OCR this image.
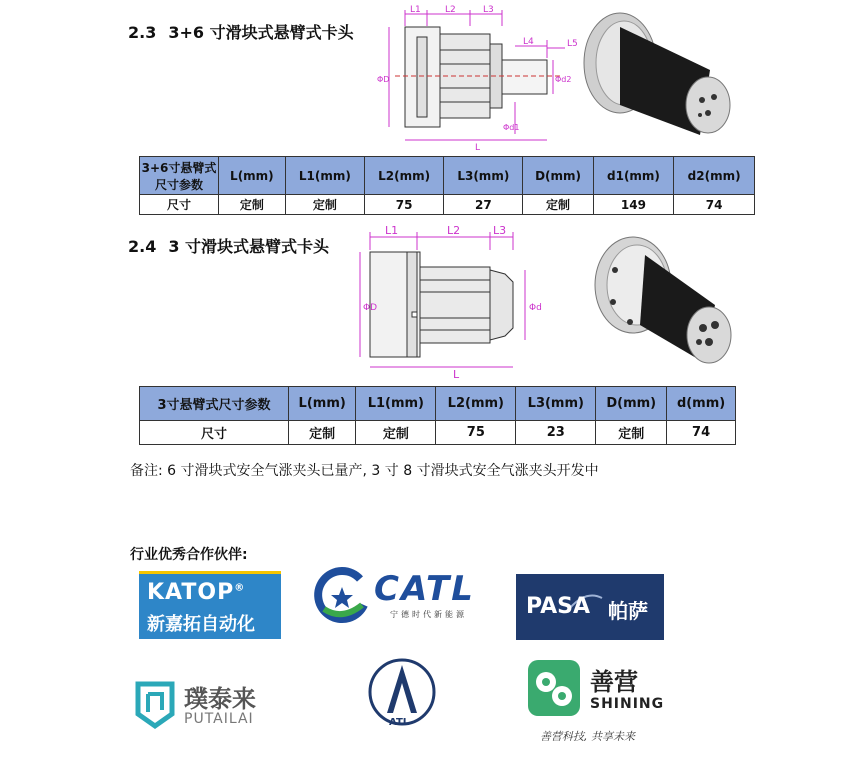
2.3 3+6 寸滑块式悬臂式卡头
L1	L2	L3
L4	L5
L
ΦD	Φd2
Φd1
3+6寸悬臂式尺寸参数	L(mm)	L1(mm)	L2(mm)	L3(mm)	D(mm)	d1(mm)	d2(mm)
尺寸	定制	定制	75	27	定制	149	74
2.4 3 寸滑块式悬臂式卡头
L1	L2	L3
L
ΦD	Φd
3寸悬臂式尺寸参数	L(mm)	L1(mm)	L2(mm)	L3(mm)	D(mm)	d(mm)
尺寸	定制	定制	75	23	定制	74
备注: 6 寸滑块式安全气涨夹头已量产, 3 寸 8 寸滑块式安全气涨夹头开发中
行业优秀合作伙伴:
KATOP®
新嘉拓自动化
CATL
宁德时代新能源	PASA 帕萨
璞泰来
PUTAILAI	ATL
善营
SHINING
善营科技, 共享未来
